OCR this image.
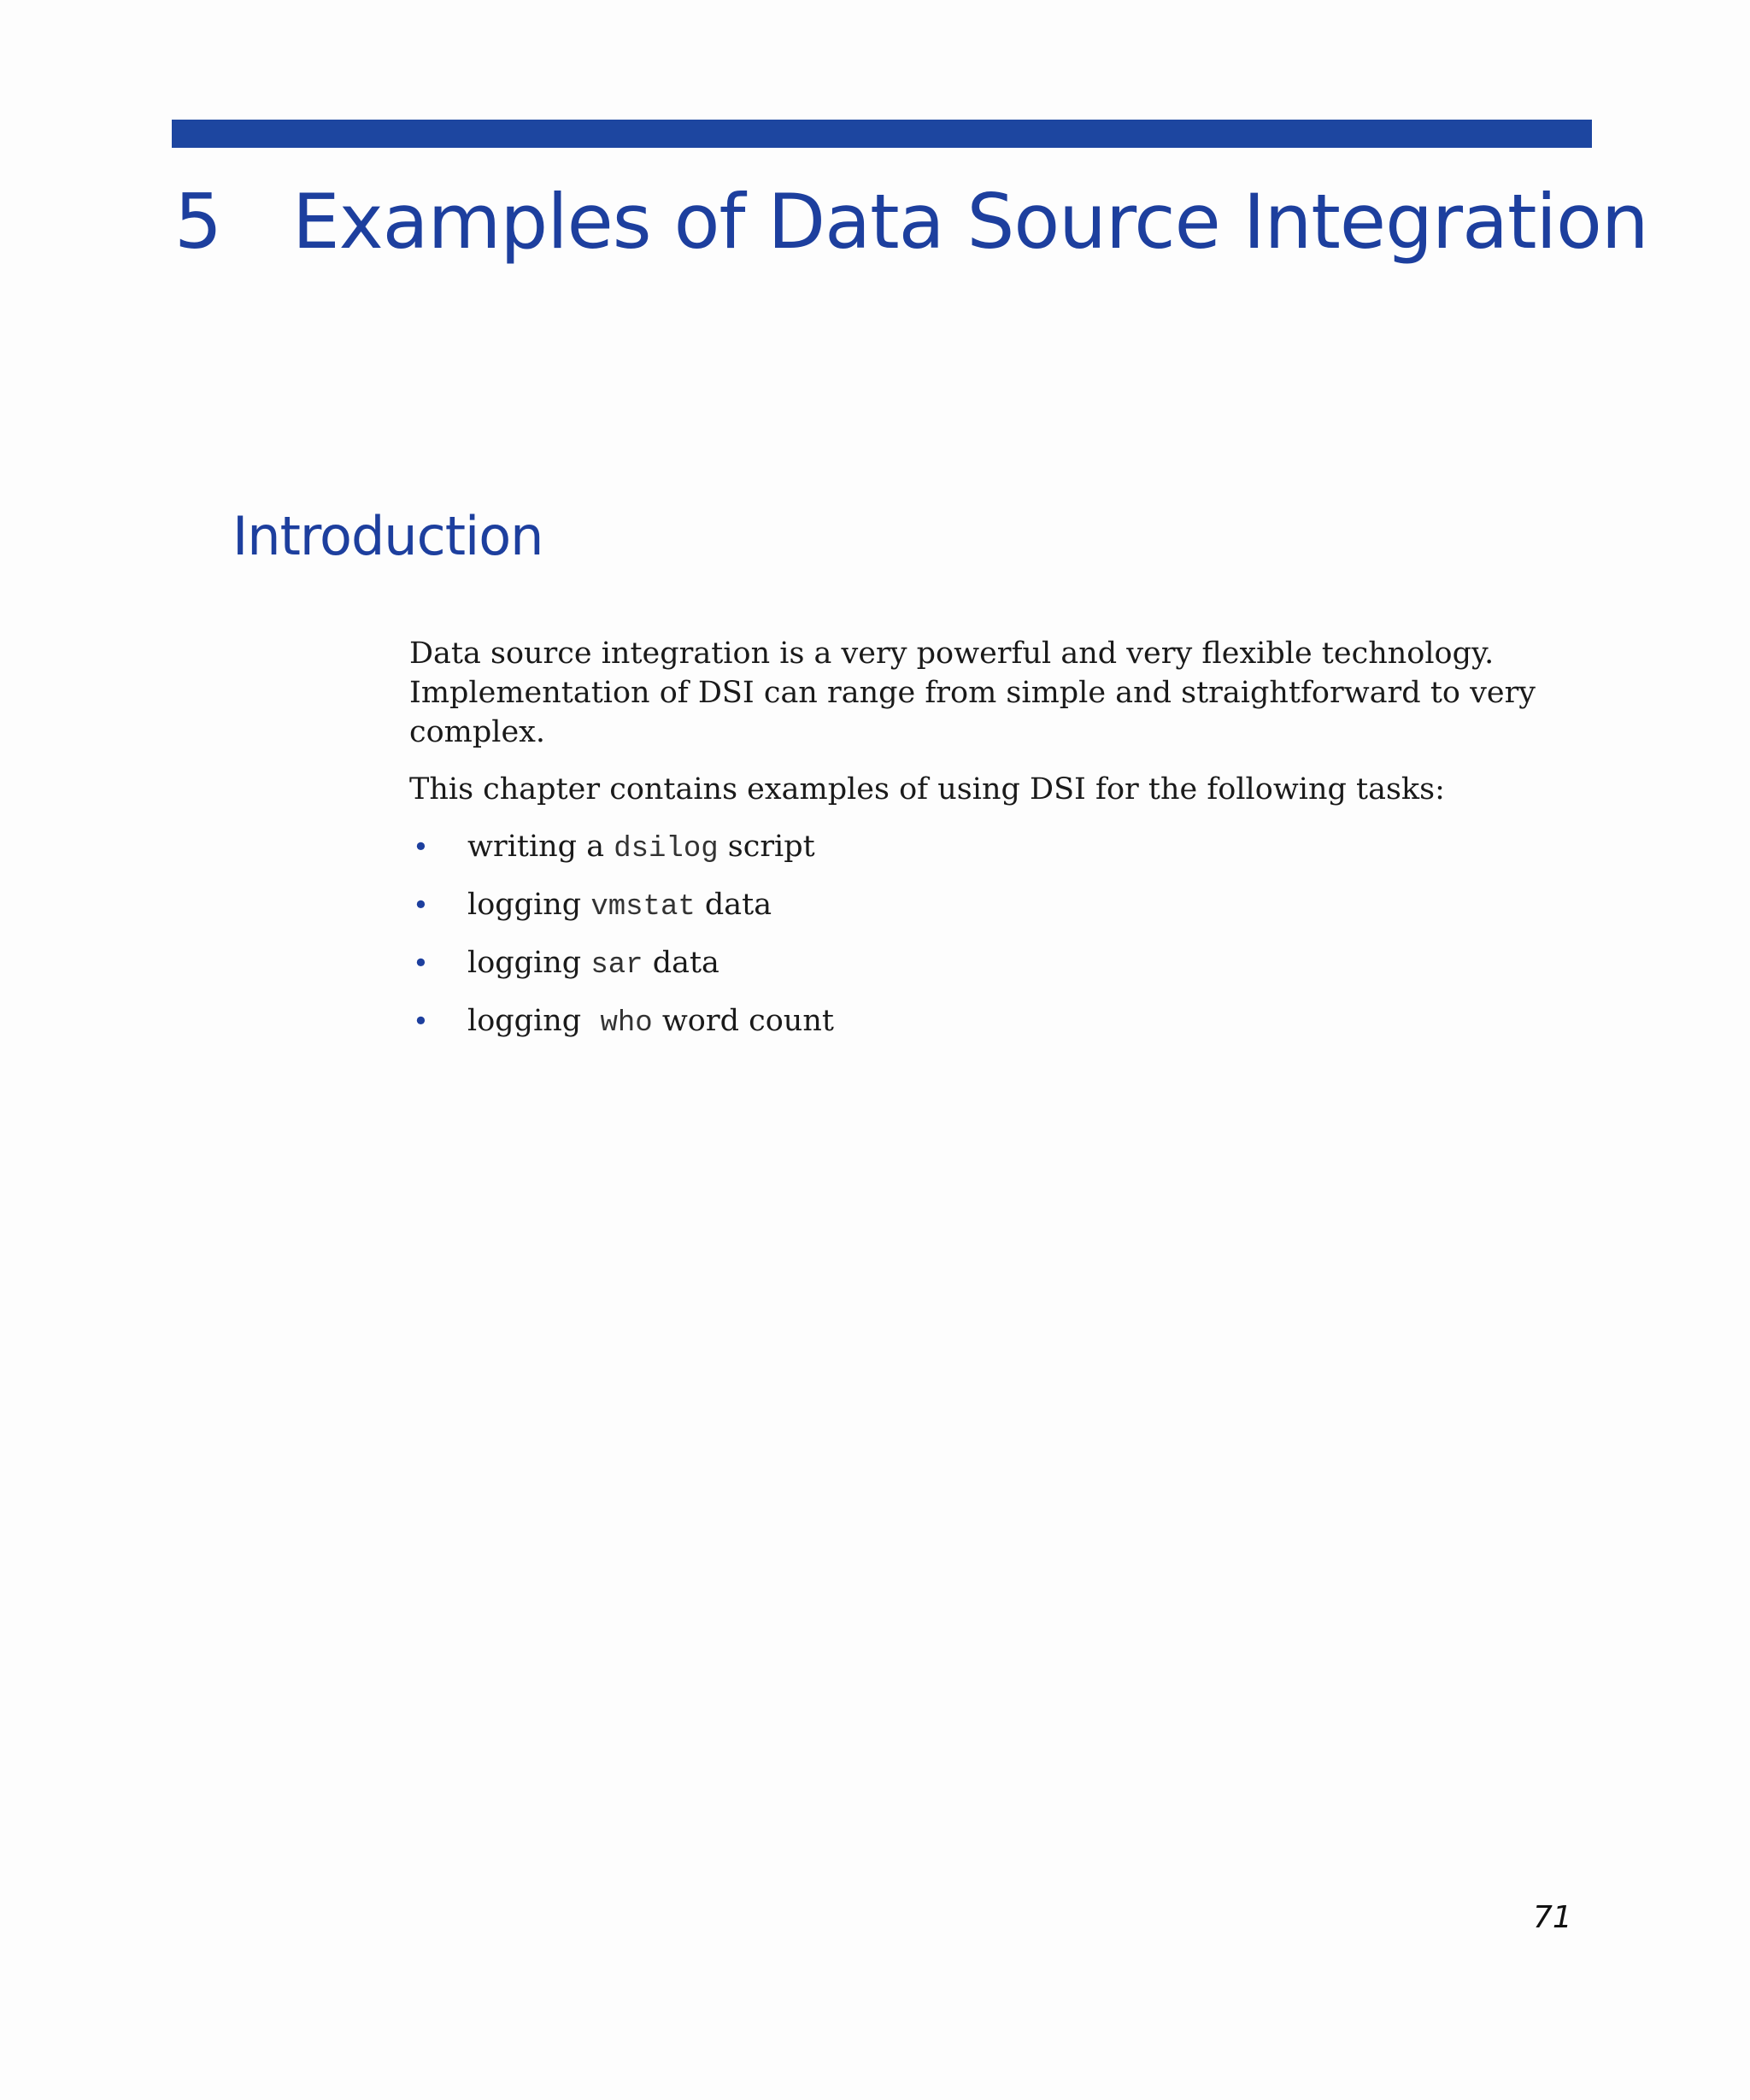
5 Examples of Data Source Integration
Introduction

Data source integration is a very powerful and very flexible technology. Implementation of DSI can range from simple and straightforward to very complex.

This chapter contains examples of using DSI for the following tasks:

• writing a dsilog script
• logging vmstat data
• logging sar data
• logging  who word count
71
